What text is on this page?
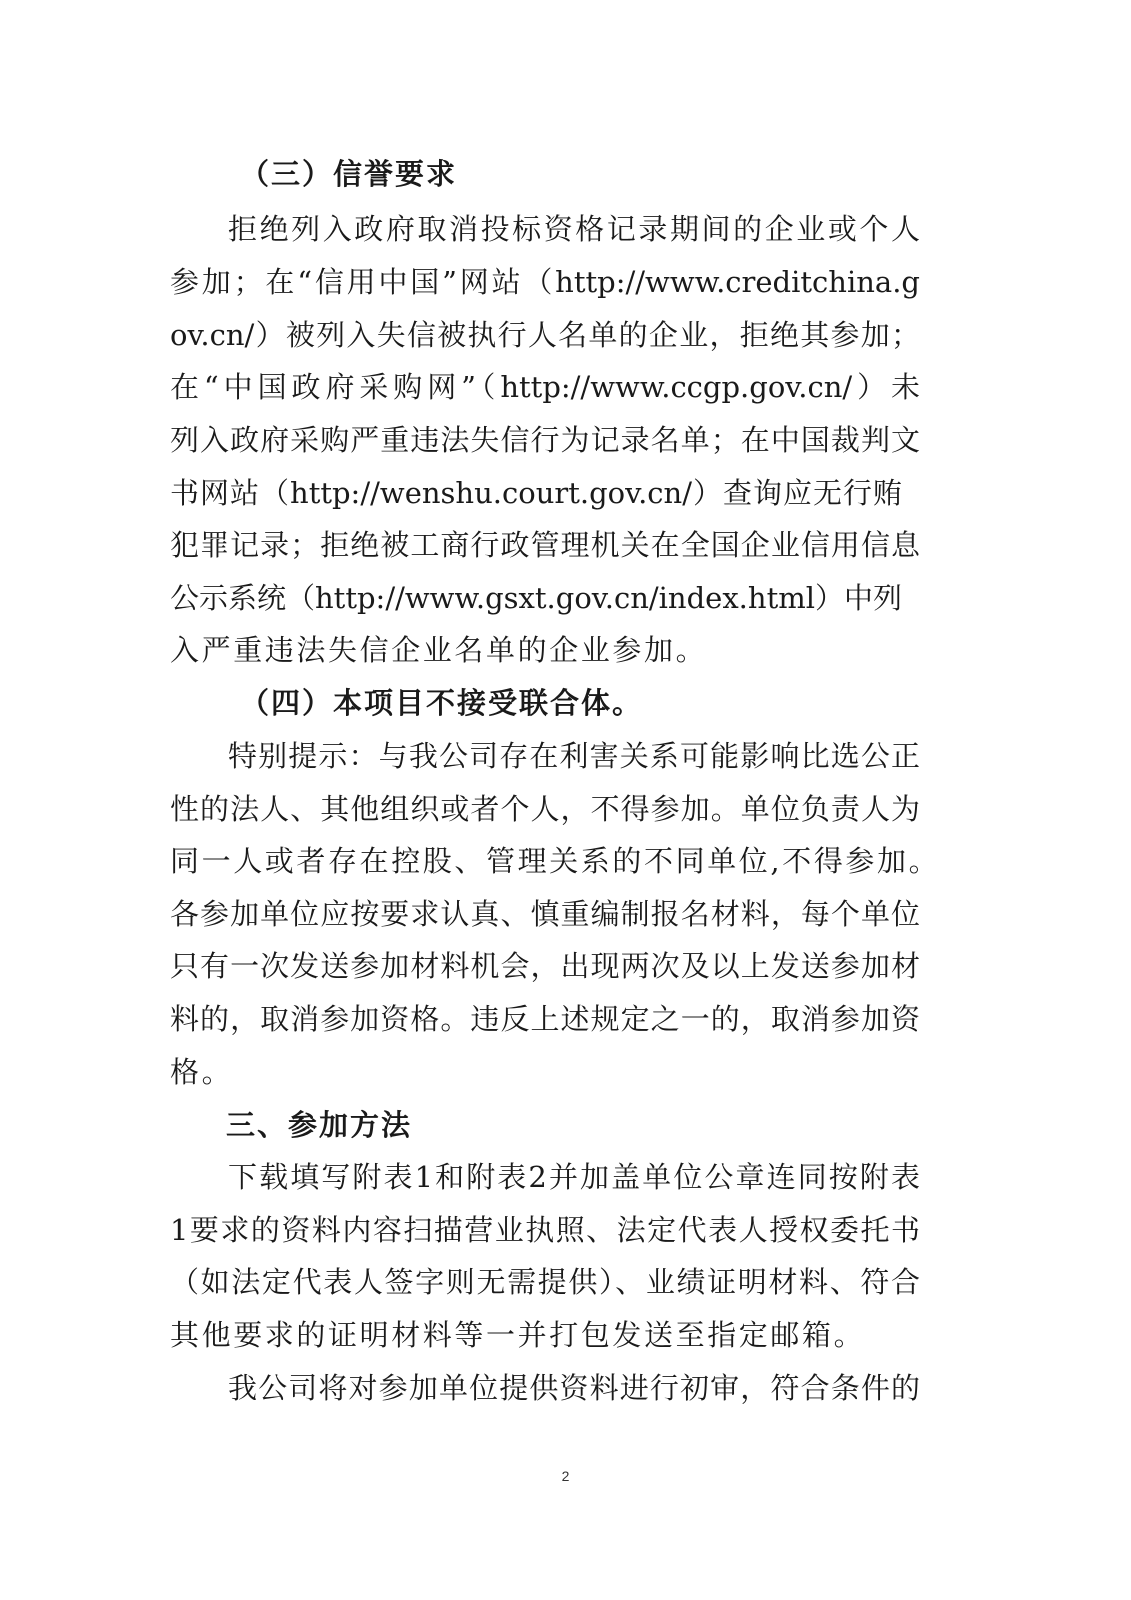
（三）信誉要求
拒绝列入政府取消投标资格记录期间的企业或个人
参加；在“信用中国”网站（http://www.creditchina.g
ov.cn/）被列入失信被执行人名单的企业，拒绝其参加；
在“中国政府采购网”（http://www.ccgp.gov.cn/）未
列入政府采购严重违法失信行为记录名单；在中国裁判文
书网站（http://wenshu.court.gov.cn/）查询应无行贿
犯罪记录；拒绝被工商行政管理机关在全国企业信用信息
公示系统（http://www.gsxt.gov.cn/index.html）中列
入严重违法失信企业名单的企业参加。
（四）本项目不接受联合体。
特别提示：与我公司存在利害关系可能影响比选公正
性的法人、其他组织或者个人，不得参加。单位负责人为
同一人或者存在控股、管理关系的不同单位,不得参加。
各参加单位应按要求认真、慎重编制报名材料，每个单位
只有一次发送参加材料机会，出现两次及以上发送参加材
料的，取消参加资格。违反上述规定之一的，取消参加资
格。
三、参加方法
下载填写附表1和附表2并加盖单位公章连同按附表
1要求的资料内容扫描营业执照、法定代表人授权委托书
（如法定代表人签字则无需提供）、业绩证明材料、符合
其他要求的证明材料等一并打包发送至指定邮箱。
我公司将对参加单位提供资料进行初审，符合条件的
2
